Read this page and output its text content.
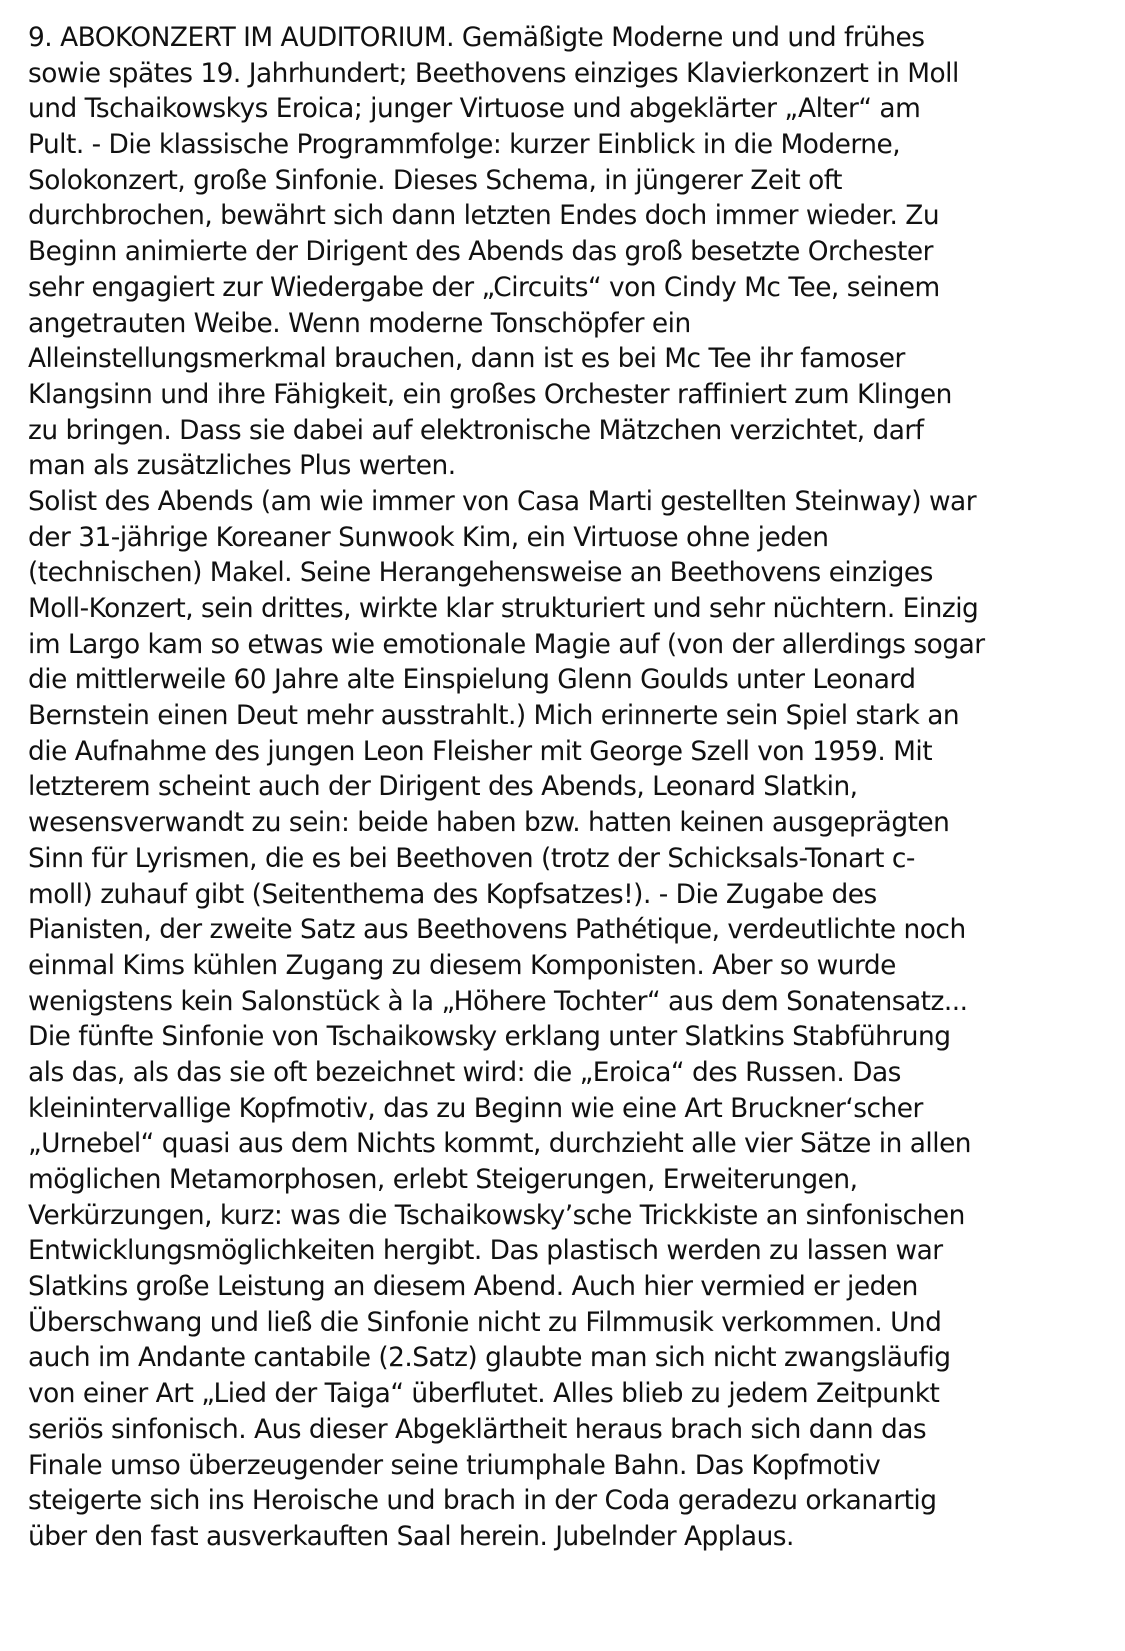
9. ABOKONZERT IM AUDITORIUM. Gemäßigte Moderne und und frühes
sowie spätes 19. Jahrhundert; Beethovens einziges Klavierkonzert in Moll
und Tschaikowskys Eroica; junger Virtuose und abgeklärter „Alter“ am
Pult. - Die klassische Programmfolge: kurzer Einblick in die Moderne,
Solokonzert, große Sinfonie. Dieses Schema, in jüngerer Zeit oft
durchbrochen, bewährt sich dann letzten Endes doch immer wieder. Zu
Beginn animierte der Dirigent des Abends das groß besetzte Orchester
sehr engagiert zur Wiedergabe der „Circuits“ von Cindy Mc Tee, seinem
angetrauten Weibe. Wenn moderne Tonschöpfer ein
Alleinstellungsmerkmal brauchen, dann ist es bei Mc Tee ihr famoser
Klangsinn und ihre Fähigkeit, ein großes Orchester raffiniert zum Klingen
zu bringen. Dass sie dabei auf elektronische Mätzchen verzichtet, darf
man als zusätzliches Plus werten.
Solist des Abends (am wie immer von Casa Marti gestellten Steinway) war
der 31-jährige Koreaner Sunwook Kim, ein Virtuose ohne jeden
(technischen) Makel. Seine Herangehensweise an Beethovens einziges
Moll-Konzert, sein drittes, wirkte klar strukturiert und sehr nüchtern. Einzig
im Largo kam so etwas wie emotionale Magie auf (von der allerdings sogar
die mittlerweile 60 Jahre alte Einspielung Glenn Goulds unter Leonard
Bernstein einen Deut mehr ausstrahlt.) Mich erinnerte sein Spiel stark an
die Aufnahme des jungen Leon Fleisher mit George Szell von 1959. Mit
letzterem scheint auch der Dirigent des Abends, Leonard Slatkin,
wesensverwandt zu sein: beide haben bzw. hatten keinen ausgeprägten
Sinn für Lyrismen, die es bei Beethoven (trotz der Schicksals-Tonart c-
moll) zuhauf gibt (Seitenthema des Kopfsatzes!). - Die Zugabe des
Pianisten, der zweite Satz aus Beethovens Pathétique, verdeutlichte noch
einmal Kims kühlen Zugang zu diesem Komponisten. Aber so wurde
wenigstens kein Salonstück à la „Höhere Tochter“ aus dem Sonatensatz...
Die fünfte Sinfonie von Tschaikowsky erklang unter Slatkins Stabführung
als das, als das sie oft bezeichnet wird: die „Eroica“ des Russen. Das
kleinintervallige Kopfmotiv, das zu Beginn wie eine Art Bruckner‘scher
„Urnebel“ quasi aus dem Nichts kommt, durchzieht alle vier Sätze in allen
möglichen Metamorphosen, erlebt Steigerungen, Erweiterungen,
Verkürzungen, kurz: was die Tschaikowsky’sche Trickkiste an sinfonischen
Entwicklungsmöglichkeiten hergibt. Das plastisch werden zu lassen war
Slatkins große Leistung an diesem Abend. Auch hier vermied er jeden
Überschwang und ließ die Sinfonie nicht zu Filmmusik verkommen. Und
auch im Andante cantabile (2.Satz) glaubte man sich nicht zwangsläufig
von einer Art „Lied der Taiga“ überflutet. Alles blieb zu jedem Zeitpunkt
seriös sinfonisch. Aus dieser Abgeklärtheit heraus brach sich dann das
Finale umso überzeugender seine triumphale Bahn. Das Kopfmotiv
steigerte sich ins Heroische und brach in der Coda geradezu orkanartig
über den fast ausverkauften Saal herein. Jubelnder Applaus.
